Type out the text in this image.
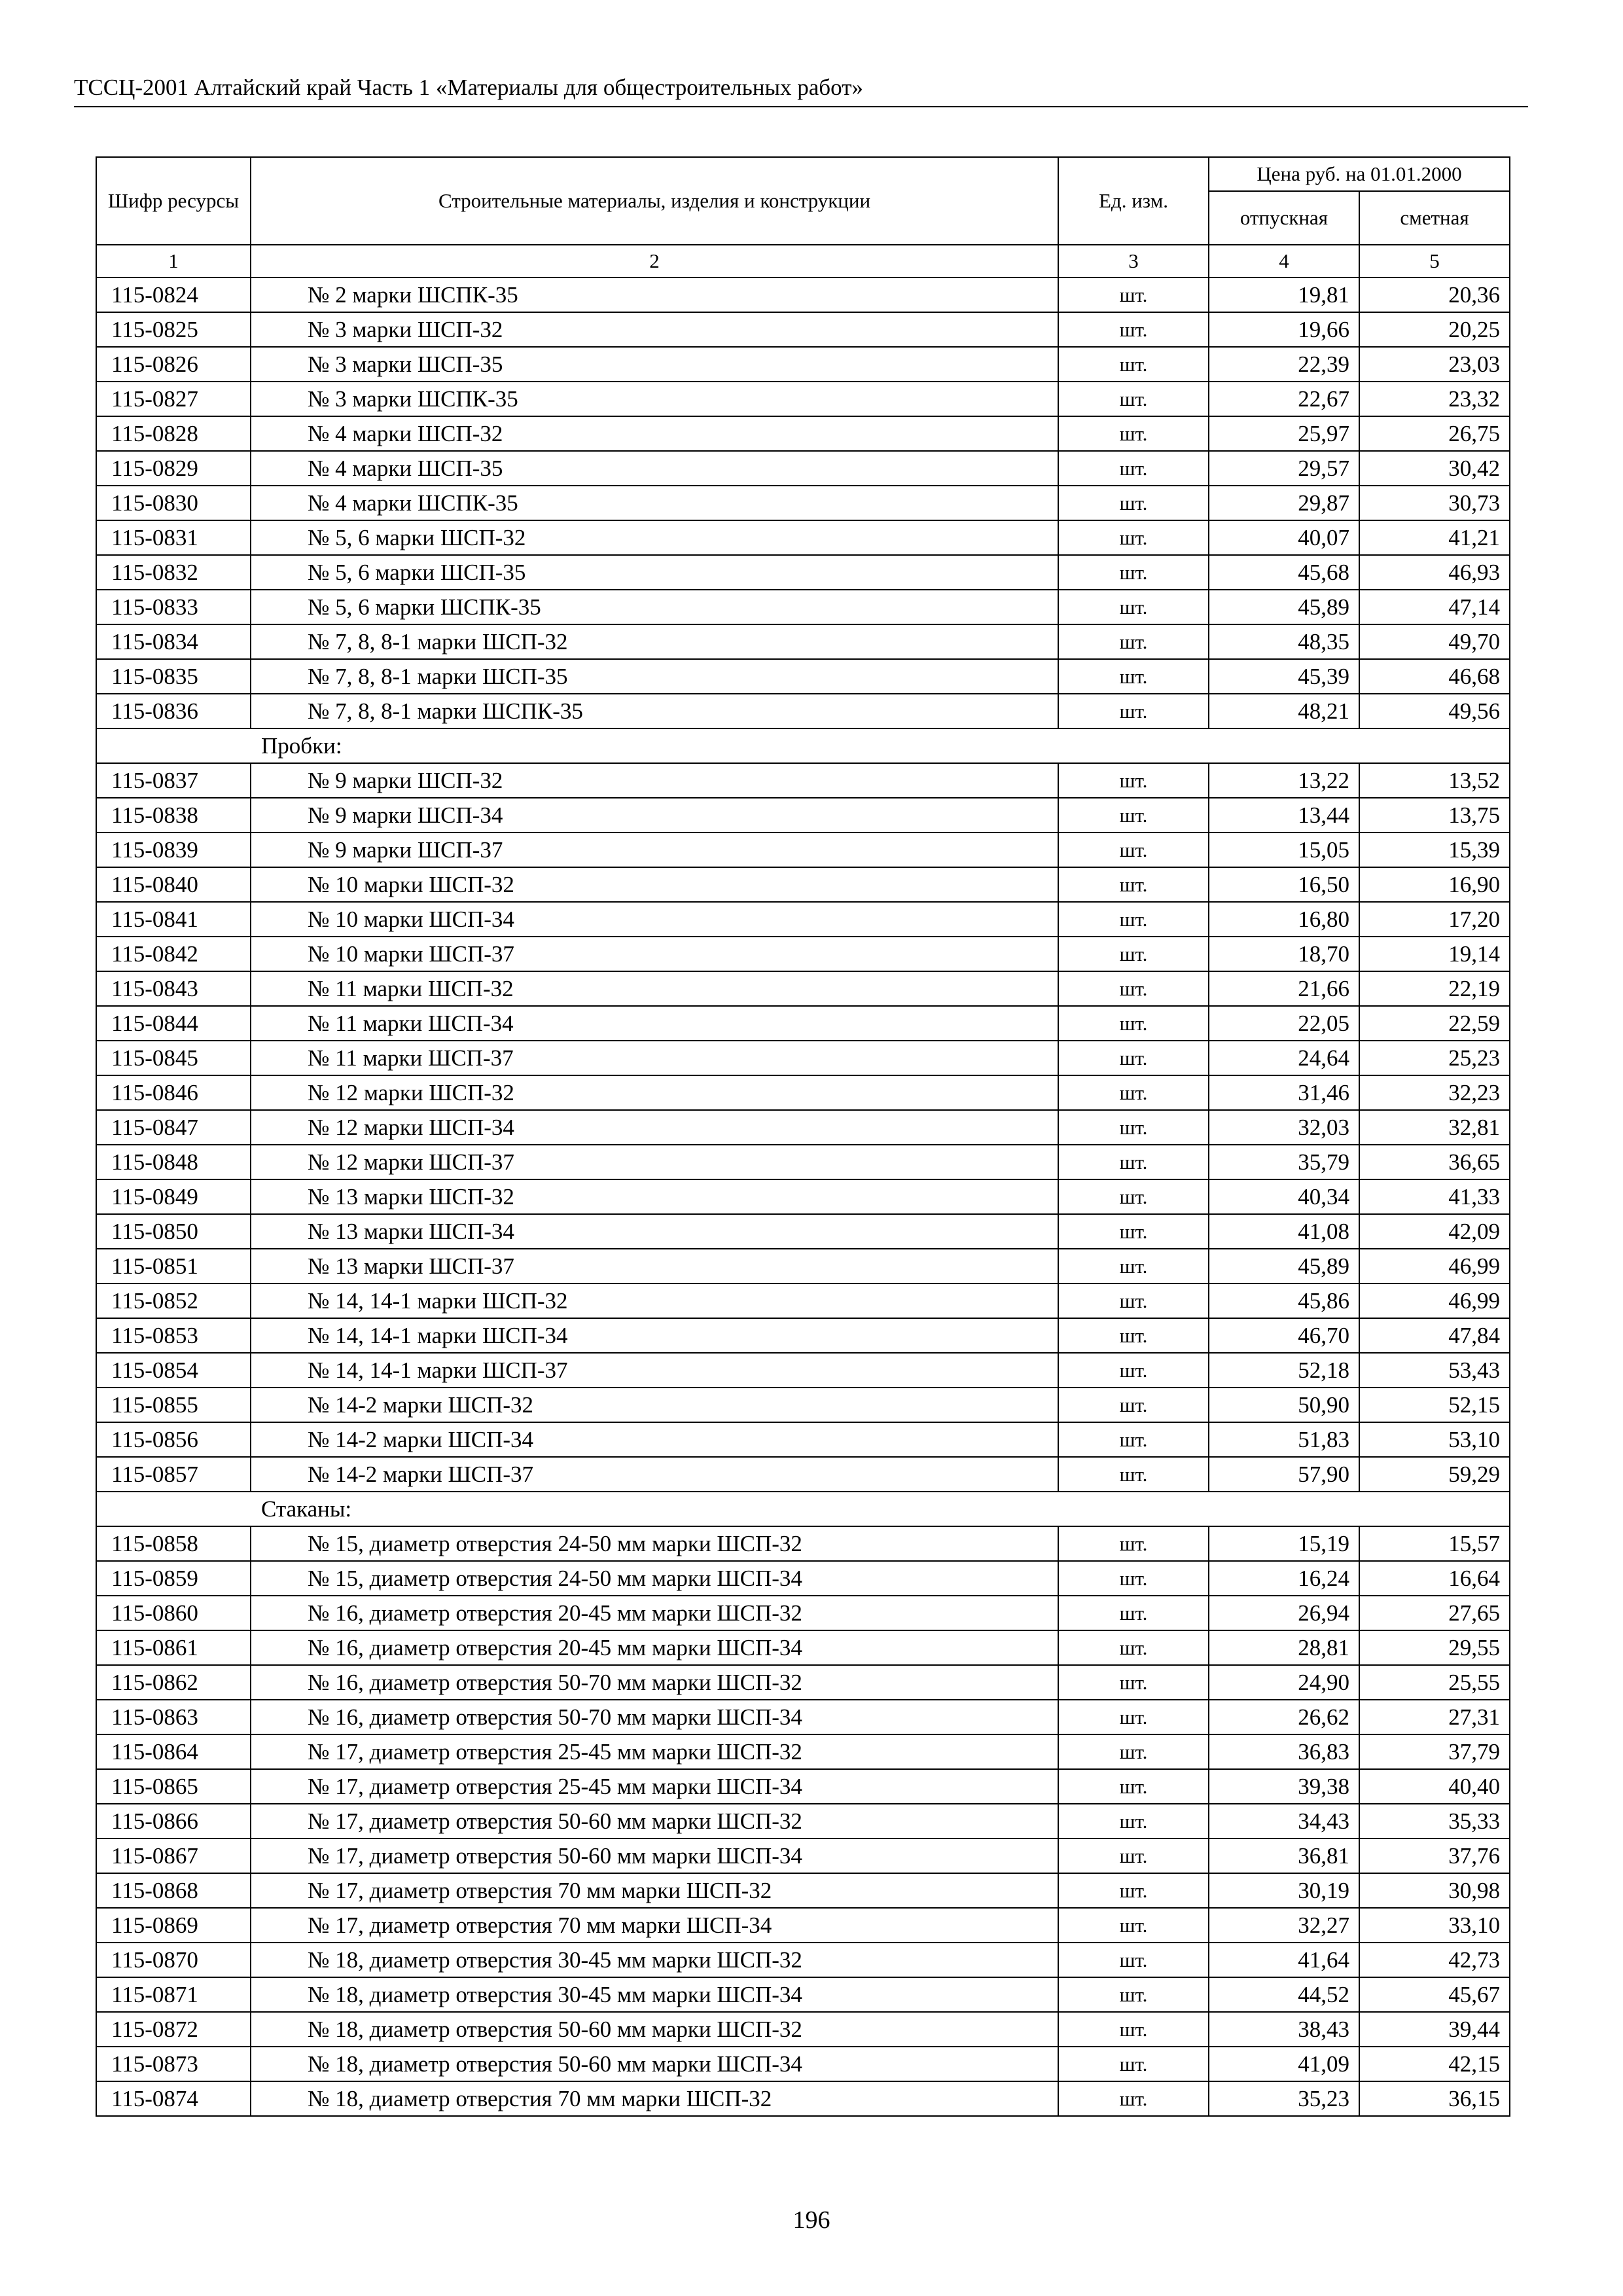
ТССЦ-2001 Алтайский край Часть 1 «Материалы для общестроительных работ»
Шифр ресурсы	Строительные материалы, изделия и конструкции	Ед. изм.	Цена руб. на 01.01.2000	
			отпускная	сметная
1	2	3	4	5
115-0824	№ 2 марки ШСПК-35	шт.	19,81	20,36
115-0825	№ 3 марки ШСП-32	шт.	19,66	20,25
115-0826	№ 3 марки ШСП-35	шт.	22,39	23,03
115-0827	№ 3 марки ШСПК-35	шт.	22,67	23,32
115-0828	№ 4 марки ШСП-32	шт.	25,97	26,75
115-0829	№ 4 марки ШСП-35	шт.	29,57	30,42
115-0830	№ 4 марки ШСПК-35	шт.	29,87	30,73
115-0831	№ 5, 6 марки ШСП-32	шт.	40,07	41,21
115-0832	№ 5, 6 марки ШСП-35	шт.	45,68	46,93
115-0833	№ 5, 6 марки ШСПК-35	шт.	45,89	47,14
115-0834	№ 7, 8, 8-1 марки ШСП-32	шт.	48,35	49,70
115-0835	№ 7, 8, 8-1 марки ШСП-35	шт.	45,39	46,68
115-0836	№ 7, 8, 8-1 марки ШСПК-35	шт.	48,21	49,56
	Пробки:			
115-0837	№ 9 марки ШСП-32	шт.	13,22	13,52
115-0838	№ 9 марки ШСП-34	шт.	13,44	13,75
115-0839	№ 9 марки ШСП-37	шт.	15,05	15,39
115-0840	№ 10 марки ШСП-32	шт.	16,50	16,90
115-0841	№ 10 марки ШСП-34	шт.	16,80	17,20
115-0842	№ 10 марки ШСП-37	шт.	18,70	19,14
115-0843	№ 11 марки ШСП-32	шт.	21,66	22,19
115-0844	№ 11 марки ШСП-34	шт.	22,05	22,59
115-0845	№ 11 марки ШСП-37	шт.	24,64	25,23
115-0846	№ 12 марки ШСП-32	шт.	31,46	32,23
115-0847	№ 12 марки ШСП-34	шт.	32,03	32,81
115-0848	№ 12 марки ШСП-37	шт.	35,79	36,65
115-0849	№ 13 марки ШСП-32	шт.	40,34	41,33
115-0850	№ 13 марки ШСП-34	шт.	41,08	42,09
115-0851	№ 13 марки ШСП-37	шт.	45,89	46,99
115-0852	№ 14, 14-1 марки ШСП-32	шт.	45,86	46,99
115-0853	№ 14, 14-1 марки ШСП-34	шт.	46,70	47,84
115-0854	№ 14, 14-1 марки ШСП-37	шт.	52,18	53,43
115-0855	№ 14-2 марки ШСП-32	шт.	50,90	52,15
115-0856	№ 14-2 марки ШСП-34	шт.	51,83	53,10
115-0857	№ 14-2 марки ШСП-37	шт.	57,90	59,29
	Стаканы:			
115-0858	№ 15, диаметр отверстия 24-50 мм марки ШСП-32	шт.	15,19	15,57
115-0859	№ 15, диаметр отверстия 24-50 мм марки ШСП-34	шт.	16,24	16,64
115-0860	№ 16, диаметр отверстия 20-45 мм марки ШСП-32	шт.	26,94	27,65
115-0861	№ 16, диаметр отверстия 20-45 мм марки ШСП-34	шт.	28,81	29,55
115-0862	№ 16, диаметр отверстия 50-70 мм марки ШСП-32	шт.	24,90	25,55
115-0863	№ 16, диаметр отверстия 50-70 мм марки ШСП-34	шт.	26,62	27,31
115-0864	№ 17, диаметр отверстия 25-45 мм марки ШСП-32	шт.	36,83	37,79
115-0865	№ 17, диаметр отверстия 25-45 мм марки ШСП-34	шт.	39,38	40,40
115-0866	№ 17, диаметр отверстия 50-60 мм марки ШСП-32	шт.	34,43	35,33
115-0867	№ 17, диаметр отверстия 50-60 мм марки ШСП-34	шт.	36,81	37,76
115-0868	№ 17, диаметр отверстия 70 мм марки ШСП-32	шт.	30,19	30,98
115-0869	№ 17, диаметр отверстия 70 мм марки ШСП-34	шт.	32,27	33,10
115-0870	№ 18, диаметр отверстия 30-45 мм марки ШСП-32	шт.	41,64	42,73
115-0871	№ 18, диаметр отверстия 30-45 мм марки ШСП-34	шт.	44,52	45,67
115-0872	№ 18, диаметр отверстия 50-60 мм марки ШСП-32	шт.	38,43	39,44
115-0873	№ 18, диаметр отверстия 50-60 мм марки ШСП-34	шт.	41,09	42,15
115-0874	№ 18, диаметр отверстия 70 мм марки ШСП-32	шт.	35,23	36,15
196
